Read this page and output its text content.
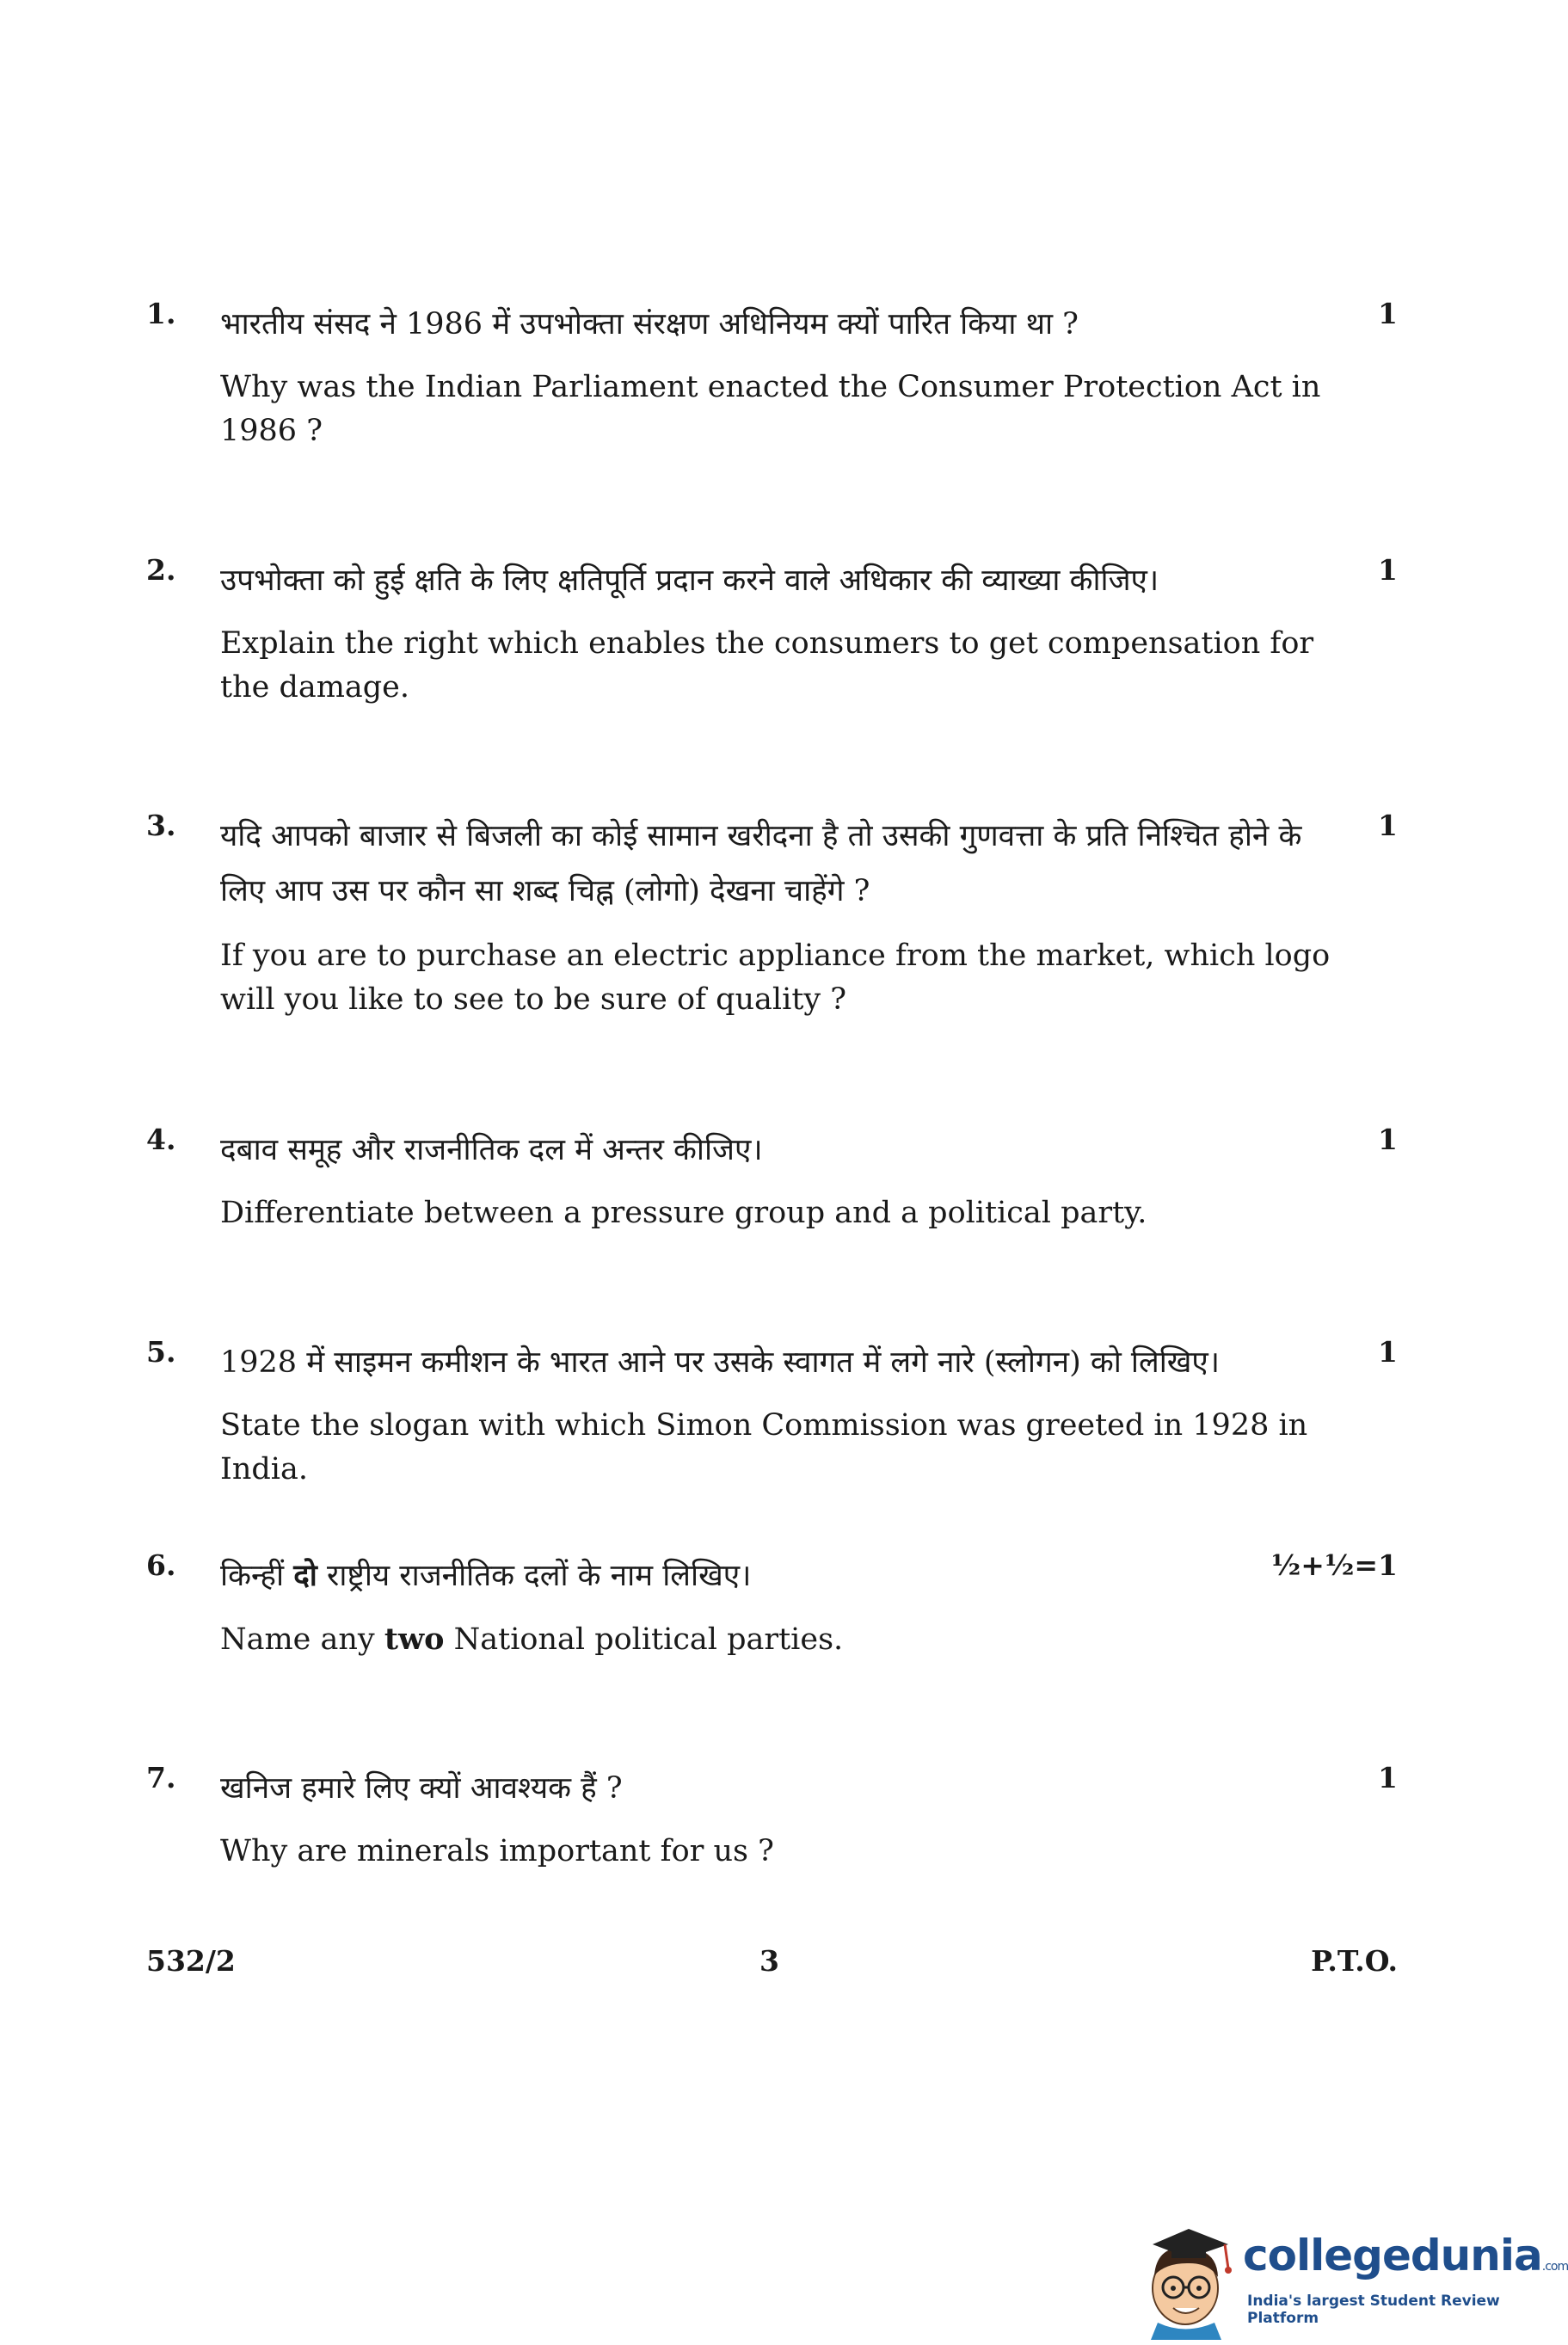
1. भारतीय संसद ने 1986 में उपभोक्ता संरक्षण अधिनियम क्यों पारित किया था ?
Why was the Indian Parliament enacted the Consumer Protection Act in 1986 ?
1
2. उपभोक्ता को हुई क्षति के लिए क्षतिपूर्ति प्रदान करने वाले अधिकार की व्याख्या कीजिए।
Explain the right which enables the consumers to get compensation for the damage.
1
3. यदि आपको बाजार से बिजली का कोई सामान खरीदना है तो उसकी गुणवत्ता के प्रति निश्चित होने के लिए आप उस पर कौन सा शब्द चिह्न (लोगो) देखना चाहेंगे ?
If you are to purchase an electric appliance from the market, which logo will you like to see to be sure of quality ?
1
4. दबाव समूह और राजनीतिक दल में अन्तर कीजिए।
Differentiate between a pressure group and a political party.
1
5. 1928 में साइमन कमीशन के भारत आने पर उसके स्वागत में लगे नारे (स्लोगन) को लिखिए।
State the slogan with which Simon Commission was greeted in 1928 in India.
1
6. किन्हीं दो राष्ट्रीय राजनीतिक दलों के नाम लिखिए।
Name any two National political parties.
½+½=1
7. खनिज हमारे लिए क्यों आवश्यक हैं ?
Why are minerals important for us ?
1
532/2	3	P.T.O.
collegedunia.com
India's largest Student Review Platform
